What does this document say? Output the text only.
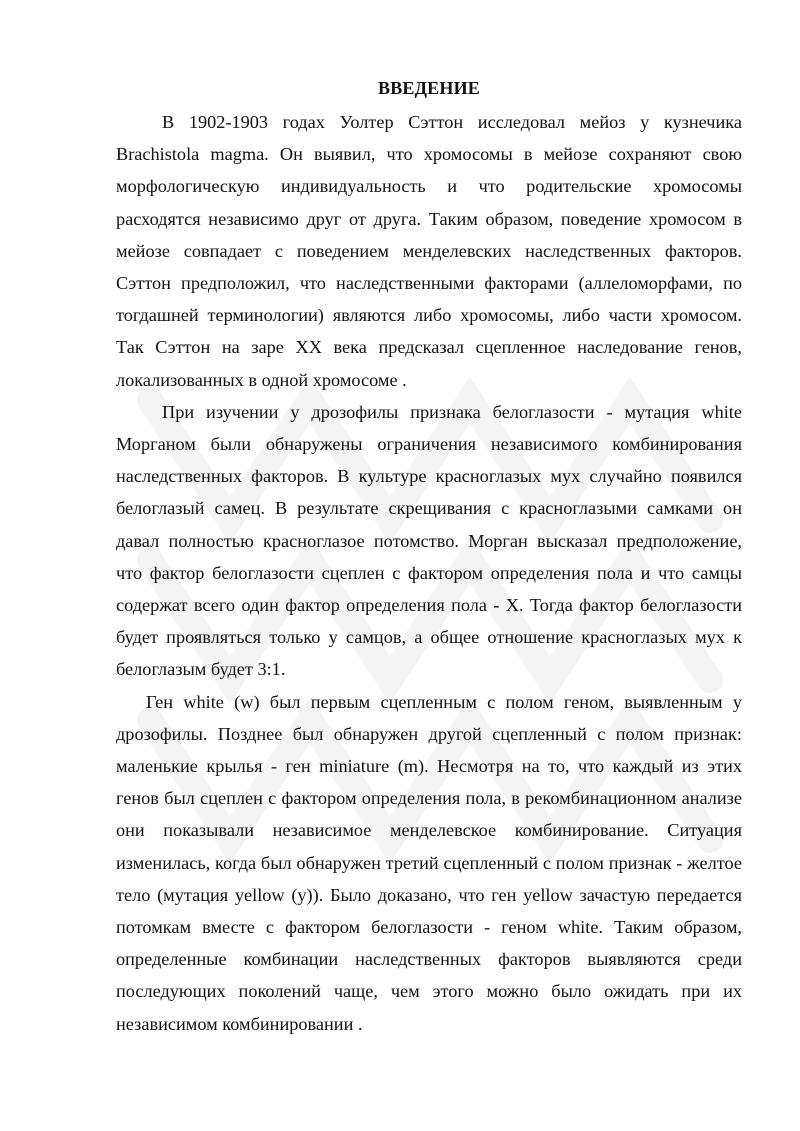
ВВЕДЕНИЕ

В 1902-1903 годах Уолтер Сэттон исследовал мейоз у кузнечика Brachistola magma. Он выявил, что хромосомы в мейозе сохраняют свою морфологическую индивидуальность и что родительские хромосомы расходятся независимо друг от друга. Таким образом, поведение хромосом в мейозе совпадает с поведением менделевских наследственных факторов. Сэттон предположил, что наследственными факторами (аллеломорфами, по тогдашней терминологии) являются либо хромосомы, либо части хромосом. Так Сэттон на заре XX века предсказал сцепленное наследование генов, локализованных в одной хромосоме .

При изучении у дрозофилы признака белоглазости - мутация white Морганом были обнаружены ограничения независимого комбинирования наследственных факторов. В культуре красноглазых мух случайно появился белоглазый самец. В результате скрещивания с красноглазыми самками он давал полностью красноглазое потомство. Морган высказал предположение, что фактор белоглазости сцеплен с фактором определения пола и что самцы содержат всего один фактор определения пола - X. Тогда фактор белоглазости будет проявляться только у самцов, а общее отношение красноглазых мух к белоглазым будет 3:1.

Ген white (w) был первым сцепленным с полом геном, выявленным у дрозофилы. Позднее был обнаружен другой сцепленный с полом признак: маленькие крылья - ген miniature (m). Несмотря на то, что каждый из этих генов был сцеплен с фактором определения пола, в рекомбинационном анализе они показывали независимое менделевское комбинирование. Ситуация изменилась, когда был обнаружен третий сцепленный с полом признак - желтое тело (мутация yellow (y)). Было доказано, что ген yellow зачастую передается потомкам вместе с фактором белоглазости - геном white. Таким образом, определенные комбинации наследственных факторов выявляются среди последующих поколений чаще, чем этого можно было ожидать при их независимом комбинировании .
